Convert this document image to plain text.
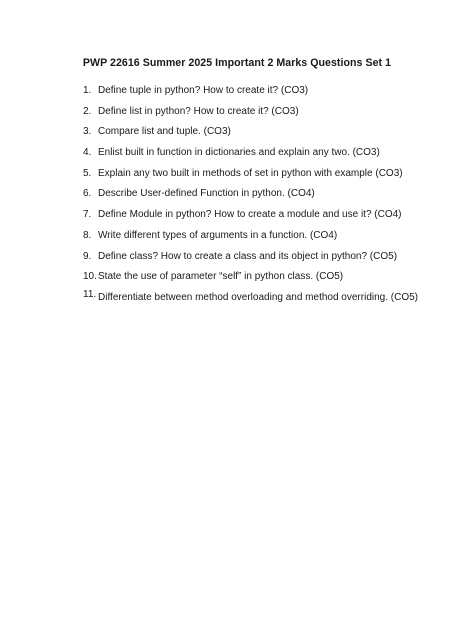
PWP 22616 Summer 2025 Important 2 Marks Questions Set 1
1. Define tuple in python? How to create it? (CO3)
2. Define list in python? How to create it? (CO3)
3. Compare list and tuple. (CO3)
4. Enlist built in function in dictionaries and explain any two. (CO3)
5. Explain any two built in methods of set in python with example (CO3)
6. Describe User-defined Function in python. (CO4)
7. Define Module in python? How to create a module and use it? (CO4)
8. Write different types of arguments in a function. (CO4)
9. Define class? How to create a class and its object in python? (CO5)
10. State the use of parameter “self” in python class. (CO5)
11. Differentiate between method overloading and method overriding. (CO5)
